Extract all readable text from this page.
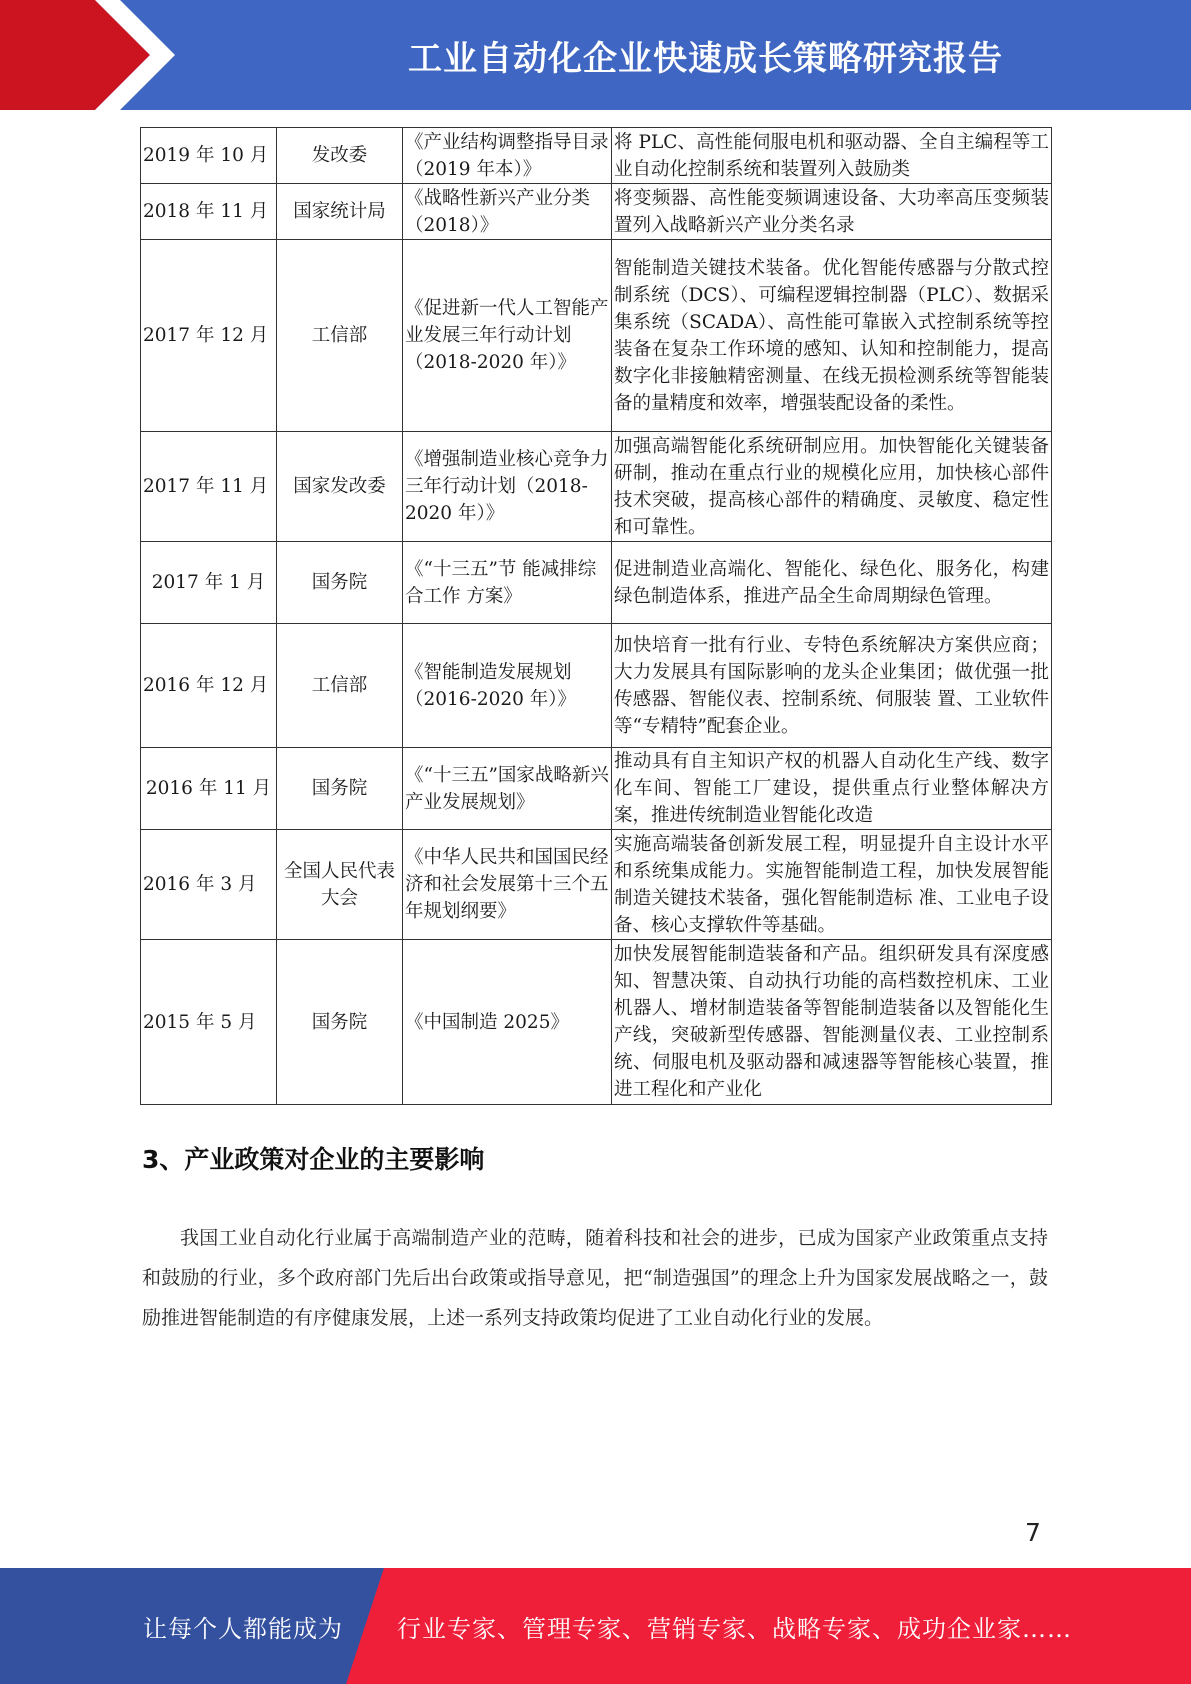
工业自动化企业快速成长策略研究报告
2019 年 10 月	发改委	《产业结构调整指导目录（2019 年本）》	将 PLC、高性能伺服电机和驱动器、全自主编程等工业自动化控制系统和装置列入鼓励类
2018 年 11 月	国家统计局	《战略性新兴产业分类（2018）》	将变频器、高性能变频调速设备、大功率高压变频装置列入战略新兴产业分类名录
2017 年 12 月	工信部	《促进新一代人工智能产业发展三年行动计划（2018-2020 年）》	智能制造关键技术装备。优化智能传感器与分散式控制系统（DCS）、可编程逻辑控制器（PLC）、数据采集系统（SCADA）、高性能可靠嵌入式控制系统等控装备在复杂工作环境的感知、认知和控制能力，提高数字化非接触精密测量、在线无损检测系统等智能装备的量精度和效率，增强装配设备的柔性。
2017 年 11 月	国家发改委	《增强制造业核心竞争力三年行动计划（2018-2020 年）》	加强高端智能化系统研制应用。加快智能化关键装备研制，推动在重点行业的规模化应用，加快核心部件技术突破，提高核心部件的精确度、灵敏度、稳定性和可靠性。
2017 年 1 月	国务院	《“十三五”节 能减排综合工作 方案》	促进制造业高端化、智能化、绿色化、服务化，构建绿色制造体系，推进产品全生命周期绿色管理。
2016 年 12 月	工信部	《智能制造发展规划（2016-2020 年）》	加快培育一批有行业、专特色系统解决方案供应商；大力发展具有国际影响的龙头企业集团；做优强一批传感器、智能仪表、控制系统、伺服装 置、工业软件等“专精特”配套企业。
2016 年 11 月	国务院	《“十三五”国家战略新兴产业发展规划》	推动具有自主知识产权的机器人自动化生产线、数字化车间、智能工厂建设，提供重点行业整体解决方案，推进传统制造业智能化改造
2016 年 3 月	全国人民代表大会	《中华人民共和国国民经济和社会发展第十三个五年规划纲要》	实施高端装备创新发展工程，明显提升自主设计水平和系统集成能力。实施智能制造工程，加快发展智能制造关键技术装备，强化智能制造标 准、工业电子设备、核心支撑软件等基础。
2015 年 5 月	国务院	《中国制造 2025》	加快发展智能制造装备和产品。组织研发具有深度感知、智慧决策、自动执行功能的高档数控机床、工业机器人、增材制造装备等智能制造装备以及智能化生产线，突破新型传感器、智能测量仪表、工业控制系统、伺服电机及驱动器和减速器等智能核心装置，推进工程化和产业化
3、产业政策对企业的主要影响

我国工业自动化行业属于高端制造产业的范畴，随着科技和社会的进步，已成为国家产业政策重点支持和鼓励的行业，多个政府部门先后出台政策或指导意见，把“制造强国”的理念上升为国家发展战略之一，鼓励推进智能制造的有序健康发展，上述一系列支持政策均促进了工业自动化行业的发展。

7
让每个人都能成为 行业专家、管理专家、营销专家、战略专家、成功企业家……
